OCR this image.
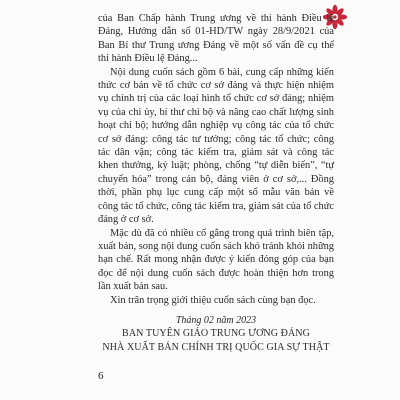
của Ban Chấp hành Trung ương về thi hành Điều lệ Đảng, Hướng dẫn số 01-HD/TW ngày 28/9/2021 của Ban Bí thư Trung ương Đảng về một số vấn đề cụ thể thi hành Điều lệ Đảng...

Nội dung cuốn sách gồm 6 bài, cung cấp những kiến thức cơ bản về tổ chức cơ sở đảng và thực hiện nhiệm vụ chính trị của các loại hình tổ chức cơ sở đảng; nhiệm vụ của chi ủy, bí thư chi bộ và nâng cao chất lượng sinh hoạt chi bộ; hướng dẫn nghiệp vụ công tác của tổ chức cơ sở đảng: công tác tư tưởng; công tác tổ chức; công tác dân vận; công tác kiểm tra, giám sát và công tác khen thưởng, kỷ luật; phòng, chống “tự diễn biến”, “tự chuyển hóa” trong cán bộ, đảng viên ở cơ sở,... Đồng thời, phần phụ lục cung cấp một số mẫu văn bản về công tác tổ chức, công tác kiểm tra, giám sát của tổ chức đảng ở cơ sở.

Mặc dù đã có nhiều cố gắng trong quá trình biên tập, xuất bản, song nội dung cuốn sách khó tránh khỏi những hạn chế. Rất mong nhận được ý kiến đóng góp của bạn đọc để nội dung cuốn sách được hoàn thiện hơn trong lần xuất bản sau.

Xin trân trọng giới thiệu cuốn sách cùng bạn đọc.

Tháng 02 năm 2023
BAN TUYÊN GIÁO TRUNG ƯƠNG ĐẢNG
NHÀ XUẤT BẢN CHÍNH TRỊ QUỐC GIA SỰ THẬT
6
